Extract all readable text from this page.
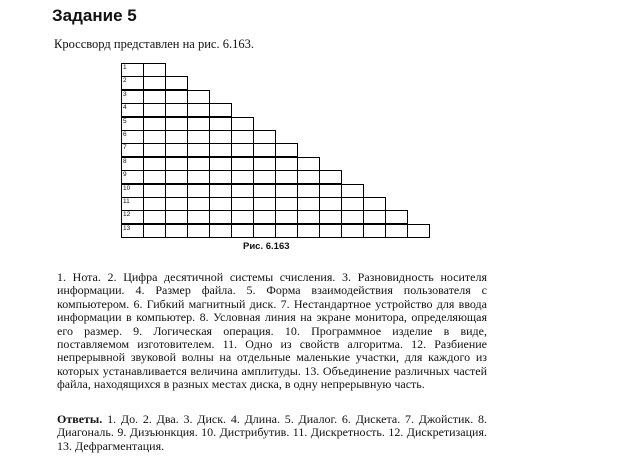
Задание 5
Кроссворд представлен на рис. 6.163.
1
2
3
4
5
6
7
8
9
10
11
12
13
Рис. 6.163
1. Нота. 2. Цифра десятичной системы счисления. 3. Разновидность носителя информации. 4. Размер файла. 5. Форма взаимодействия пользователя с компьютером. 6. Гибкий магнитный диск. 7. Нестандартное устройство для ввода информации в компьютер. 8. Условная линия на экране монитора, определяющая его размер. 9. Логическая операция. 10. Программное изделие в виде, поставляемом изготовителем. 11. Одно из свойств алгоритма. 12. Разбиение непрерывной звуковой волны на отдельные маленькие участки, для каждого из которых устанавливается величина амплитуды. 13. Объединение различных частей файла, находящихся в разных местах диска, в одну непрерывную часть.
Ответы. 1. До. 2. Два. 3. Диск. 4. Длина. 5. Диалог. 6. Дискета. 7. Джойстик. 8. Диагональ. 9. Дизъюнкция. 10. Дистрибутив. 11. Дискретность. 12. Дискретизация. 13. Дефрагментация.
